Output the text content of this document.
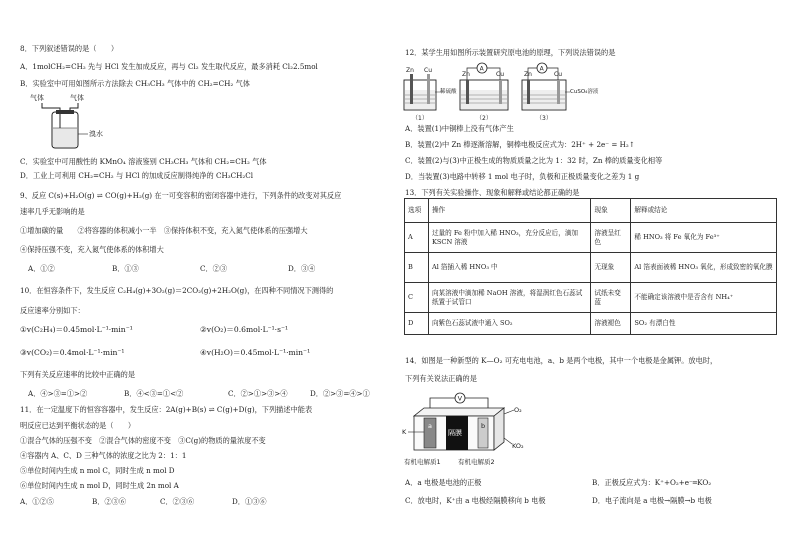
8．下列叙述错误的是（　　）
A．1molCH₂=CH₂ 先与 HCl 发生加成反应，再与 Cl₂ 发生取代反应，最多消耗 Cl₂2.5mol
B．实验室中可用如图所示方法除去 CH₃CH₃ 气体中的 CH₂=CH₂ 气体
气体	气体
溴水
C．实验室中可用酸性的 KMnO₄ 溶液鉴别 CH₃CH₃ 气体和 CH₂=CH₂ 气体
D．工业上可利用 CH₂=CH₂ 与 HCl 的加成反应制得纯净的 CH₃CH₂Cl
9、反应 C(s)+H₂O(g) ⇌ CO(g)+H₂(g) 在一可变容积的密闭容器中进行，下列条件的改变对其反应
速率几乎无影响的是
①增加碳的量　　②将容器的体积减小一半　③保持体积不变，充入氮气使体系的压强增大
④保持压强不变，充入氮气使体系的体积增大
A．①②	B．①③	C．②③	D．③④
10．在恒容条件下，发生反应 C₂H₄(g)+3O₂(g)＝2CO₂(g)+2H₂O(g)，在四种不同情况下测得的
反应速率分别如下：
①v(C₂H₄)＝0.45mol·L⁻¹·min⁻¹	②v(O₂)＝0.6mol·L⁻¹·s⁻¹
③v(CO₂)＝0.4mol·L⁻¹·min⁻¹	④v(H₂O)＝0.45mol·L⁻¹·min⁻¹
下列有关反应速率的比较中正确的是
A．④>③=①>②	B．④<③=①<②	C．②>①>③>④	D．②>③=④>①
11．在一定温度下的恒容容器中，发生反应：2A(g)+B(s) ⇌ C(g)+D(g)，下列描述中能表
明反应已达到平衡状态的是（　　）
①混合气体的压强不变　②混合气体的密度不变　③C(g)的物质的量浓度不变
④容器内 A、C、D 三种气体的浓度之比为 2：1：1
⑤单位时间内生成 n mol C，同时生成 n mol D
⑥单位时间内生成 n mol D，同时生成 2n mol A
A．①②⑤	B．②③⑥	C．②③⑥	D．①③⑥
12．某学生用如图所示装置研究原电池的原理，下列说法错误的是
Zn Cu
稀硫酸
（1）
Zn	Cu
A
（2）
Zn	Cu
A
CuSO₄溶液
（3）
A．装置(1)中铜棒上没有气体产生
B．装置(2)中 Zn 棒逐渐溶解，铜棒电极反应式为：2H⁺ + 2e⁻ = H₂↑
C．装置(2)与(3)中正极生成的物质质量之比为 1：32 时，Zn 棒的质量变化相等
D．当装置(3)电路中转移 1 mol 电子时，负极和正极质量变化之差为 1 g
13．下列有关实验操作、现象和解释或结论都正确的是
选项	操作	现象	解释或结论
A	过量的 Fe 粉中加入稀 HNO₃，充分反应后，滴加 KSCN 溶液	溶液呈红色	稀 HNO₃ 将 Fe 氧化为 Fe³⁺
B	Al 箔插入稀 HNO₃ 中	无现象	Al 箔表面被稀 HNO₃ 氧化，形成致密的氧化膜
C	向某溶液中滴加稀 NaOH 溶液，将湿润红色石蕊试纸置于试管口	试纸未变蓝	不能确定该溶液中是否含有 NH₄⁺
D	向紫色石蕊试液中通入 SO₂	溶液褪色	SO₂ 有漂白性
14．如图是一种新型的 K—O₂ 可充电电池，a、b 是两个电极，其中一个电极是金属钾。放电时，
下列有关说法正确的是
V
a
隔膜
b
K
O₂
KO₂
有机电解质1	有机电解质2
A．a 电极是电池的正极	B．正极反应式为：K⁺+O₂+e⁻═KO₂
C．放电时，K⁺由 a 电极经隔膜移向 b 电极	D．电子流向是 a 电极→隔膜→b 电极
